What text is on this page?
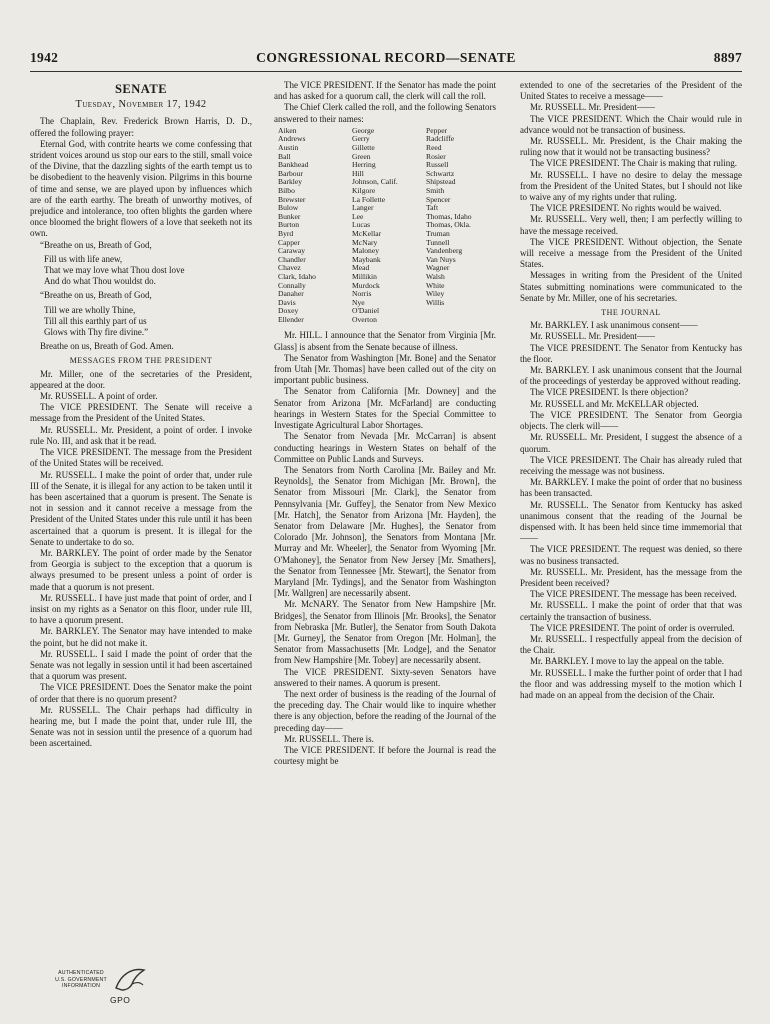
1942	CONGRESSIONAL RECORD—SENATE	8897
SENATE
Tuesday, November 17, 1942

The Chaplain, Rev. Frederick Brown Harris, D. D., offered the following prayer:

Eternal God, with contrite hearts we come confessing that strident voices around us stop our ears to the still, small voice of the Divine, that the dazzling sights of the earth tempt us to be disobedient to the heavenly vision. Pilgrims in this bourne of time and sense, we are played upon by influences which are of the earth earthy. The breath of unworthy motives, of prejudice and intolerance, too often blights the garden where once bloomed the bright flowers of a love that seeketh not its own.

“Breathe on us, Breath of God,

Fill us with life anew,
That we may love what Thou dost love
And do what Thou wouldst do.

“Breathe on us, Breath of God,

Till we are wholly Thine,
Till all this earthly part of us
Glows with Thy fire divine.”

Breathe on us, Breath of God. Amen.

MESSAGES FROM THE PRESIDENT

Mr. Miller, one of the secretaries of the President, appeared at the door.

Mr. RUSSELL. A point of order.

The VICE PRESIDENT. The Senate will receive a message from the President of the United States.

Mr. RUSSELL. Mr. President, a point of order. I invoke rule No. III, and ask that it be read.

The VICE PRESIDENT. The message from the President of the United States will be received.

Mr. RUSSELL. I make the point of order that, under rule III of the Senate, it is illegal for any action to be taken until it has been ascertained that a quorum is present. The Senate is not in session and it cannot receive a message from the President of the United States under this rule until it has been ascertained that a quorum is present. It is illegal for the Senate to undertake to do so.

Mr. BARKLEY. The point of order made by the Senator from Georgia is subject to the exception that a quorum is always presumed to be present unless a point of order is made that a quorum is not present.

Mr. RUSSELL. I have just made that point of order, and I insist on my rights as a Senator on this floor, under rule III, to have a quorum present.

Mr. BARKLEY. The Senator may have intended to make the point, but he did not make it.

Mr. RUSSELL. I said I made the point of order that the Senate was not legally in session until it had been ascertained that a quorum was present.

The VICE PRESIDENT. Does the Senator make the point of order that there is no quorum present?

Mr. RUSSELL. The Chair perhaps had difficulty in hearing me, but I made the point that, under rule III, the Senate was not in session until the presence of a quorum had been ascertained.

The VICE PRESIDENT. If the Senator has made the point and has asked for a quorum call, the clerk will call the roll.

The Chief Clerk called the roll, and the following Senators answered to their names:

Aiken	George	Pepper
Andrews	Gerry	Radcliffe
Austin	Gillette	Reed
Ball	Green	Rosier
Bankhead	Herring	Russell
Barbour	Hill	Schwartz
Barkley	Johnson, Calif.	Shipstead
Bilbo	Kilgore	Smith
Brewster	La Follette	Spencer
Bulow	Langer	Taft
Bunker	Lee	Thomas, Idaho
Burton	Lucas	Thomas, Okla.
Byrd	McKellar	Truman
Capper	McNary	Tunnell
Caraway	Maloney	Vandenberg
Chandler	Maybank	Van Nuys
Chavez	Mead	Wagner
Clark, Idaho	Millikin	Walsh
Connally	Murdock	White
Danaher	Norris	Wiley
Davis	Nye	Willis
Doxey	O'Daniel
Ellender	Overton

Mr. HILL. I announce that the Senator from Virginia [Mr. Glass] is absent from the Senate because of illness.

The Senator from Washington [Mr. Bone] and the Senator from Utah [Mr. Thomas] have been called out of the city on important public business.

The Senator from California [Mr. Downey] and the Senator from Arizona [Mr. McFarland] are conducting hearings in Western States for the Special Committee to Investigate Agricultural Labor Shortages.

The Senator from Nevada [Mr. McCarran] is absent conducting hearings in Western States on behalf of the Committee on Public Lands and Surveys.

The Senators from North Carolina [Mr. Bailey and Mr. Reynolds], the Senator from Michigan [Mr. Brown], the Senator from Missouri [Mr. Clark], the Senator from Pennsylvania [Mr. Guffey], the Senator from New Mexico [Mr. Hatch], the Senator from Arizona [Mr. Hayden], the Senator from Delaware [Mr. Hughes], the Senator from Colorado [Mr. Johnson], the Senators from Montana [Mr. Murray and Mr. Wheeler], the Senator from Wyoming [Mr. O'Mahoney], the Senator from New Jersey [Mr. Smathers], the Senator from Tennessee [Mr. Stewart], the Senator from Maryland [Mr. Tydings], and the Senator from Washington [Mr. Wallgren] are necessarily absent.

Mr. McNARY. The Senator from New Hampshire [Mr. Bridges], the Senator from Illinois [Mr. Brooks], the Senator from Nebraska [Mr. Butler], the Senator from South Dakota [Mr. Gurney], the Senator from Oregon [Mr. Holman], the Senator from Massachusetts [Mr. Lodge], and the Senator from New Hampshire [Mr. Tobey] are necessarily absent.

The VICE PRESIDENT. Sixty-seven Senators have answered to their names. A quorum is present.

The next order of business is the reading of the Journal of the preceding day. The Chair would like to inquire whether there is any objection, before the reading of the Journal of the preceding day——

Mr. RUSSELL. There is.

The VICE PRESIDENT. If before the Journal is read the courtesy might be

extended to one of the secretaries of the President of the United States to receive a message——

Mr. RUSSELL. Mr. President——

The VICE PRESIDENT. Which the Chair would rule in advance would not be transaction of business.

Mr. RUSSELL. Mr. President, is the Chair making the ruling now that it would not be transacting business?

The VICE PRESIDENT. The Chair is making that ruling.

Mr. RUSSELL. I have no desire to delay the message from the President of the United States, but I should not like to waive any of my rights under that ruling.

The VICE PRESIDENT. No rights would be waived.

Mr. RUSSELL. Very well, then; I am perfectly willing to have the message received.

The VICE PRESIDENT. Without objection, the Senate will receive a message from the President of the United States.

Messages in writing from the President of the United States submitting nominations were communicated to the Senate by Mr. Miller, one of his secretaries.

THE JOURNAL

Mr. BARKLEY. I ask unanimous consent——

Mr. RUSSELL. Mr. President——

The VICE PRESIDENT. The Senator from Kentucky has the floor.

Mr. BARKLEY. I ask unanimous consent that the Journal of the proceedings of yesterday be approved without reading.

The VICE PRESIDENT. Is there objection?

Mr. RUSSELL and Mr. McKELLAR objected.

The VICE PRESIDENT. The Senator from Georgia objects. The clerk will——

Mr. RUSSELL. Mr. President, I suggest the absence of a quorum.

The VICE PRESIDENT. The Chair has already ruled that receiving the message was not business.

Mr. BARKLEY. I make the point of order that no business has been transacted.

Mr. RUSSELL. The Senator from Kentucky has asked unanimous consent that the reading of the Journal be dispensed with. It has been held since time immemorial that——

The VICE PRESIDENT. The request was denied, so there was no business transacted.

Mr. RUSSELL. Mr. President, has the message from the President been received?

The VICE PRESIDENT. The message has been received.

Mr. RUSSELL. I make the point of order that that was certainly the transaction of business.

The VICE PRESIDENT. The point of order is overruled.

Mr. RUSSELL. I respectfully appeal from the decision of the Chair.

Mr. BARKLEY. I move to lay the appeal on the table.

Mr. RUSSELL. I make the further point of order that I had the floor and was addressing myself to the motion which I had made on an appeal from the decision of the Chair.

AUTHENTICATED
U.S. GOVERNMENT
INFORMATION
GPO
